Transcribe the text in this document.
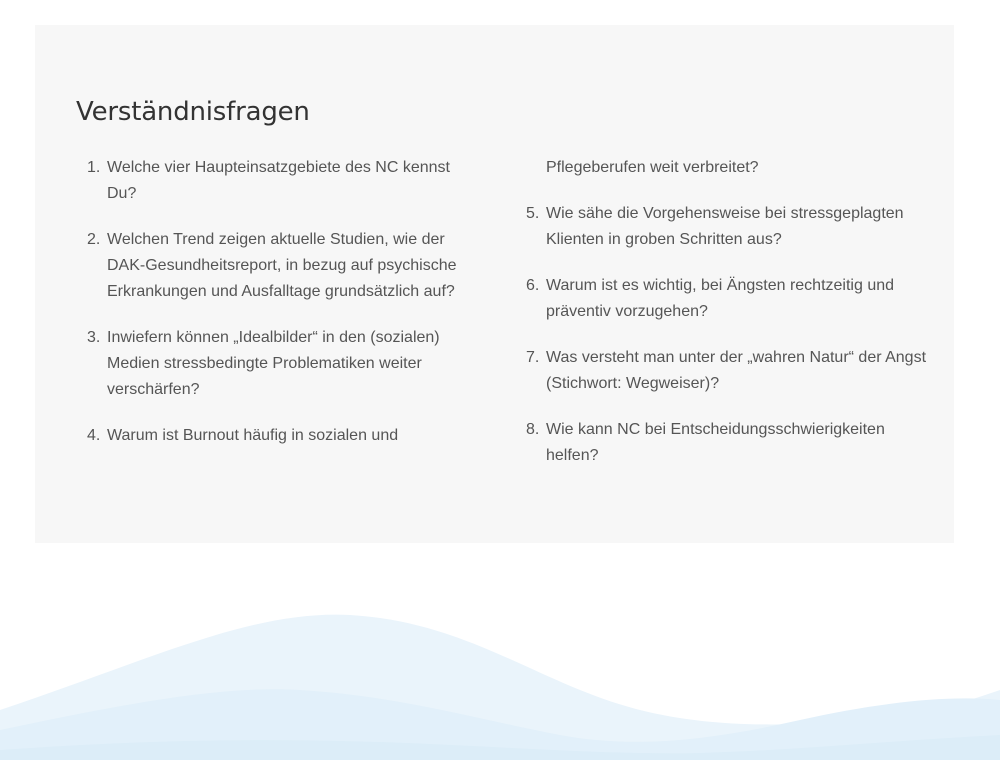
Verständnisfragen
1. Welche vier Haupteinsatzgebiete des NC kennst Du?
2. Welchen Trend zeigen aktuelle Studien, wie der DAK-Gesundheitsreport, in bezug auf psychische Erkrankungen und Ausfalltage grundsätzlich auf?
3. Inwiefern können „Idealbilder“ in den (sozialen) Medien stressbedingte Problematiken weiter verschärfen?
4. Warum ist Burnout häufig in sozialen und
Pflegeberufen weit verbreitet?
5. Wie sähe die Vorgehensweise bei stressgeplagten Klienten in groben Schritten aus?
6. Warum ist es wichtig, bei Ängsten rechtzeitig und präventiv vorzugehen?
7. Was versteht man unter der „wahren Natur“ der Angst (Stichwort: Wegweiser)?
8. Wie kann NC bei Entscheidungsschwierigkeiten helfen?
